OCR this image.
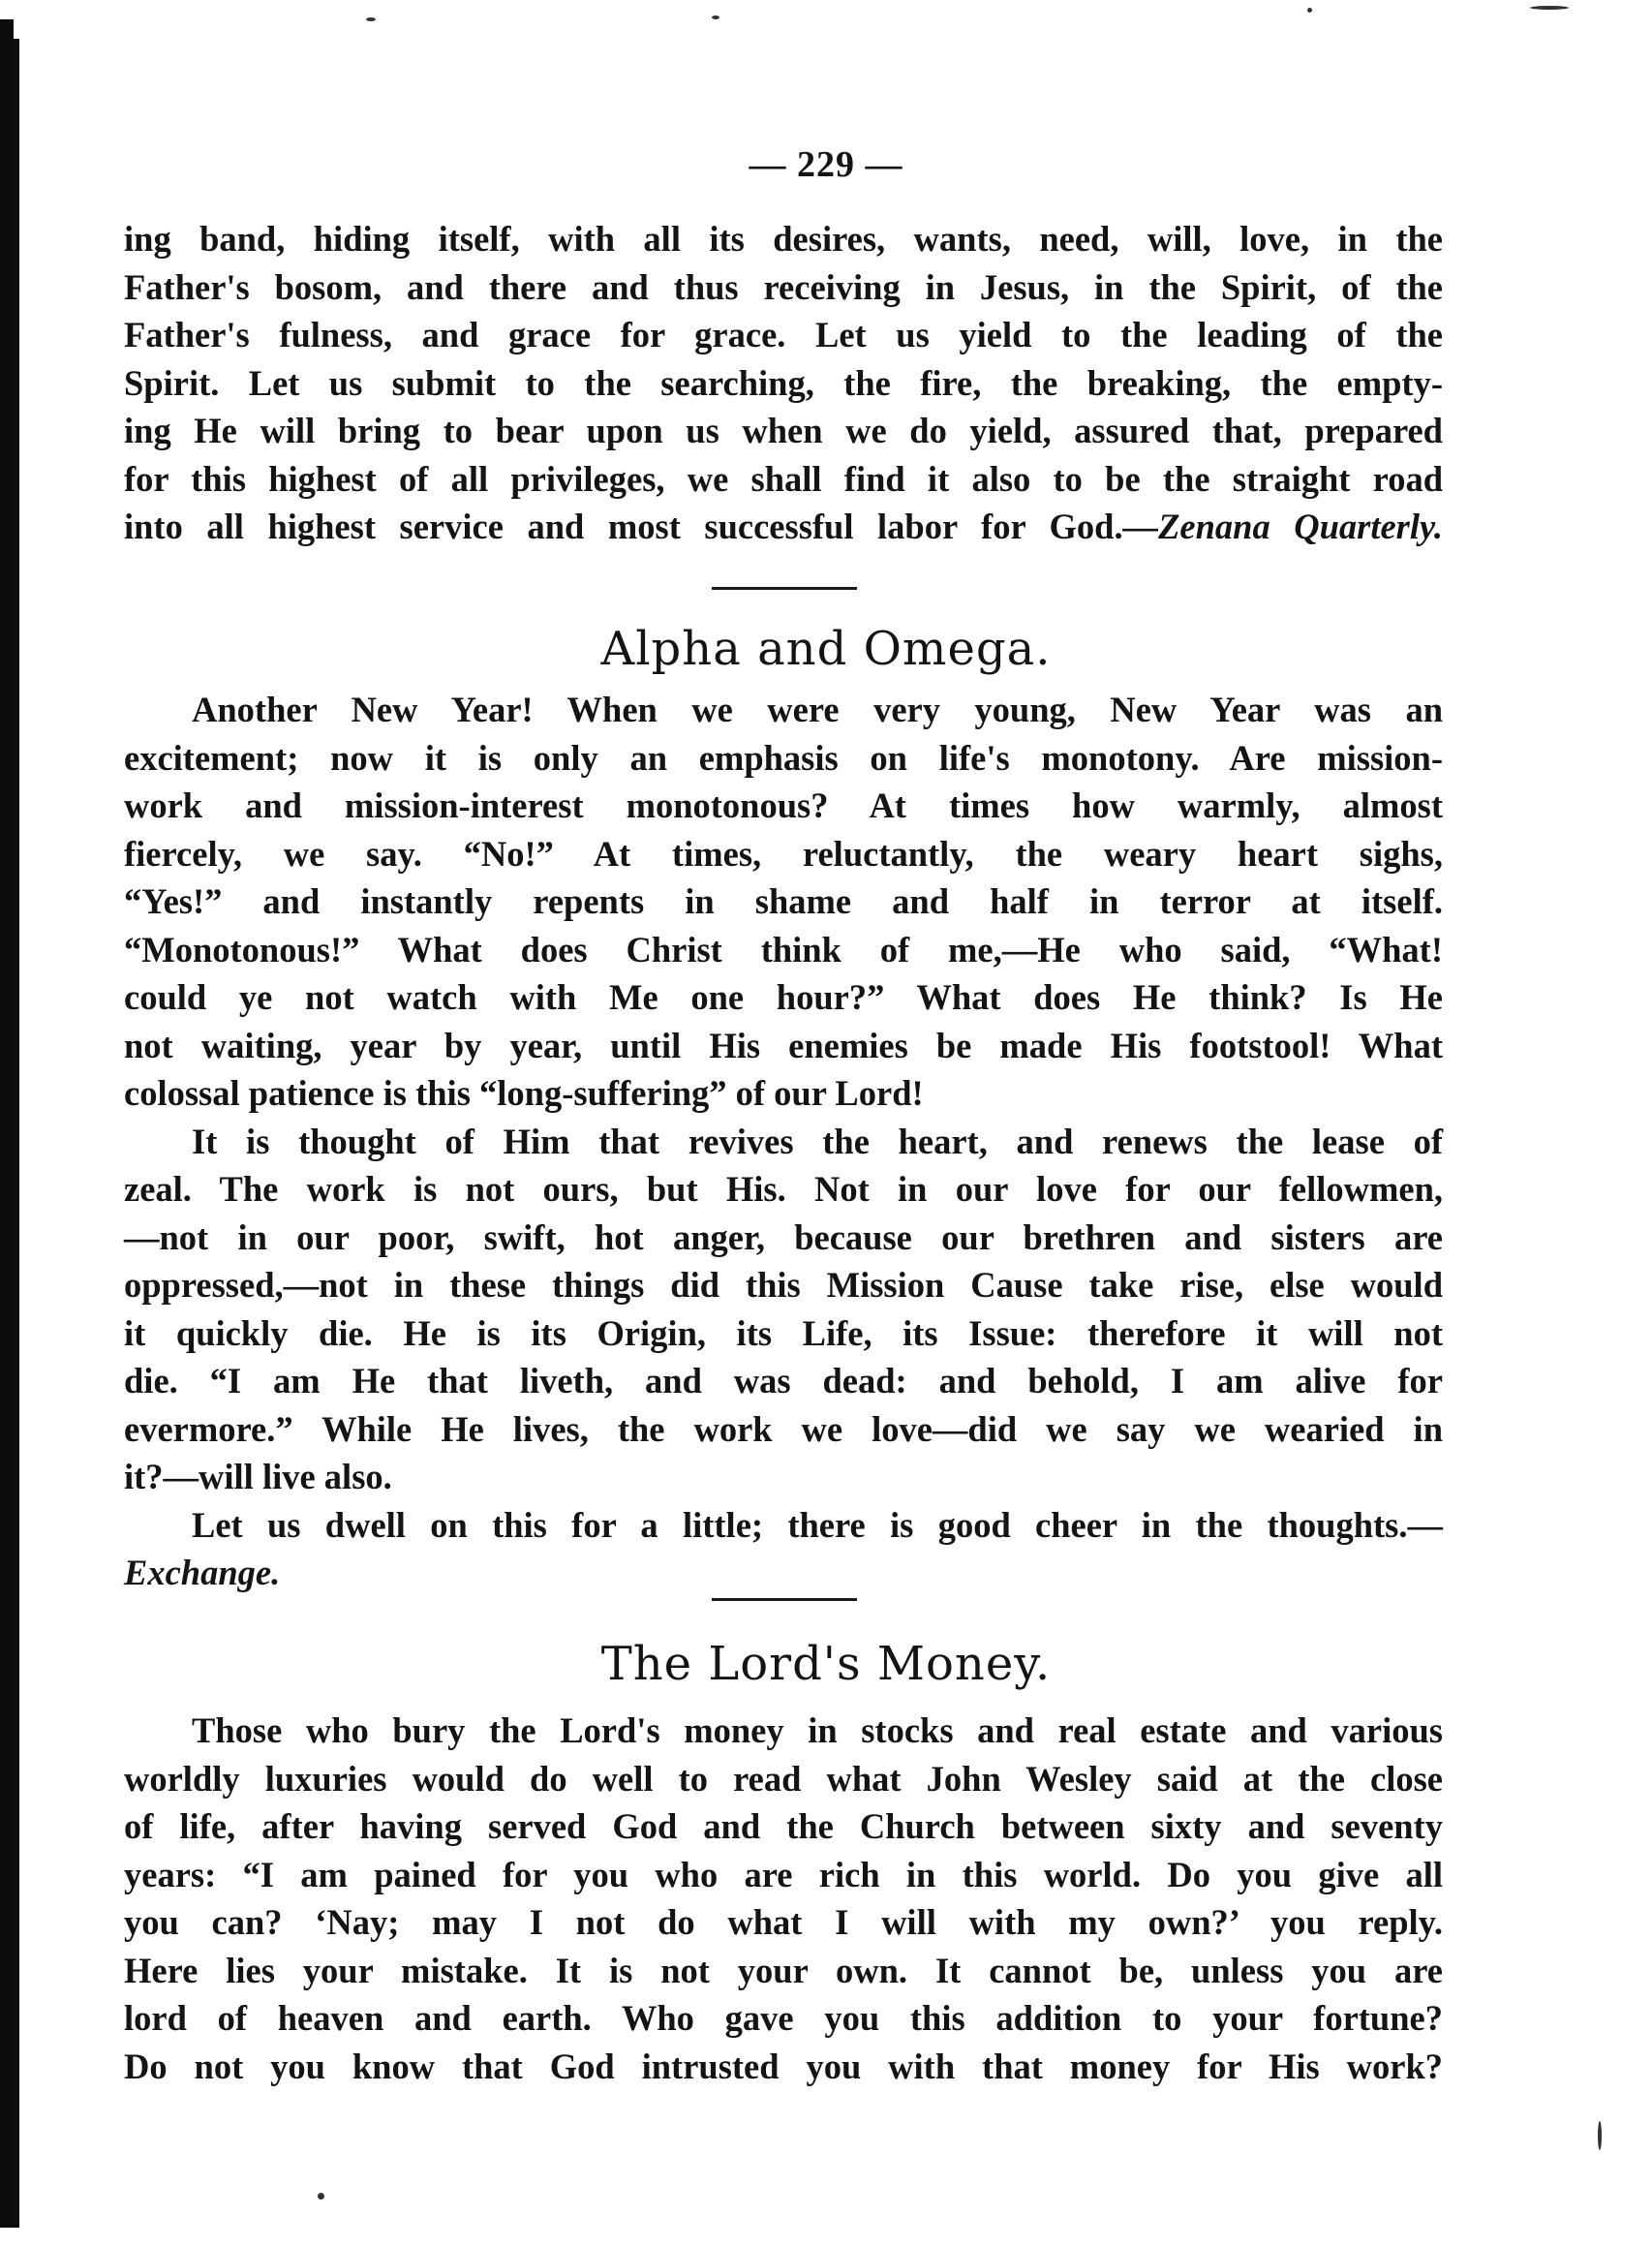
— 229 —

ing band, hiding itself, with all its desires, wants, need, will, love, in the

Father's bosom, and there and thus receiving in Jesus, in the Spirit, of the

Father's fulness, and grace for grace. Let us yield to the leading of the

Spirit. Let us submit to the searching, the fire, the breaking, the empty-

ing He will bring to bear upon us when we do yield, assured that, prepared

for this highest of all privileges, we shall find it also to be the straight road

into all highest service and most successful labor for God.—Zenana Quarterly.

Alpha and Omega.

Another New Year! When we were very young, New Year was an

excitement; now it is only an emphasis on life's monotony. Are mission-

work and mission-interest monotonous? At times how warmly, almost

fiercely, we say. “No!” At times, reluctantly, the weary heart sighs,

“Yes!” and instantly repents in shame and half in terror at itself.

“Monotonous!” What does Christ think of me,—He who said, “What!

could ye not watch with Me one hour?” What does He think? Is He

not waiting, year by year, until His enemies be made His footstool! What

colossal patience is this “long-suffering” of our Lord!

It is thought of Him that revives the heart, and renews the lease of

zeal. The work is not ours, but His. Not in our love for our fellowmen,

—not in our poor, swift, hot anger, because our brethren and sisters are

oppressed,—not in these things did this Mission Cause take rise, else would

it quickly die. He is its Origin, its Life, its Issue: therefore it will not

die. “I am He that liveth, and was dead: and behold, I am alive for

evermore.” While He lives, the work we love—did we say we wearied in

it?—will live also.

Let us dwell on this for a little; there is good cheer in the thoughts.—

Exchange.

The Lord's Money.

Those who bury the Lord's money in stocks and real estate and various

worldly luxuries would do well to read what John Wesley said at the close

of life, after having served God and the Church between sixty and seventy

years: “I am pained for you who are rich in this world. Do you give all

you can? ‘Nay; may I not do what I will with my own?’ you reply.

Here lies your mistake. It is not your own. It cannot be, unless you are

lord of heaven and earth. Who gave you this addition to your fortune?

Do not you know that God intrusted you with that money for His work?
